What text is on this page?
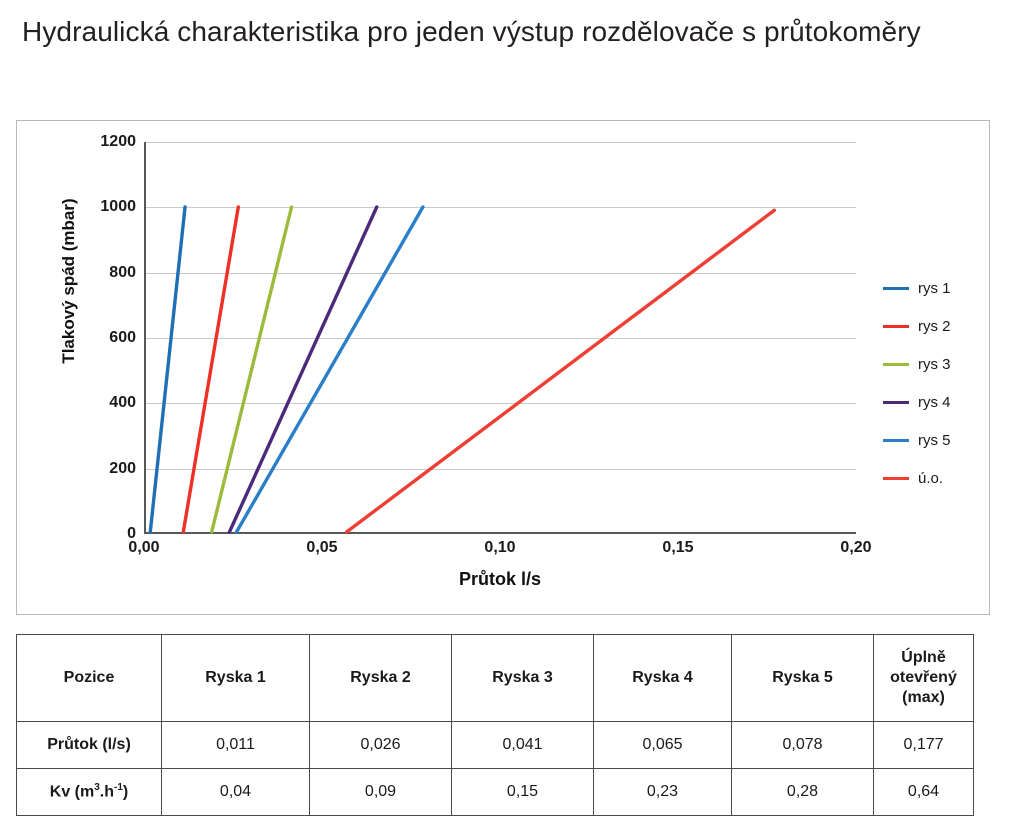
Hydraulická charakteristika pro jeden výstup rozdělovače s průtokoměry
Tlakový spád (mbar)
0
200
400
600
800
1000
1200
0,00	0,05	0,10	0,15	0,20
Průtok l/s
rys 1
rys 2
rys 3
rys 4
rys 5
ú.o.
Pozice	Ryska 1	Ryska 2	Ryska 3	Ryska 4	Ryska 5	Úplně
otevřený
(max)

Průtok (l/s)	0,011	0,026	0,041	0,065	0,078	0,177
Kv $(m^3.h^{-1})$	0,04	0,09	0,15	0,23	0,28	0,64
